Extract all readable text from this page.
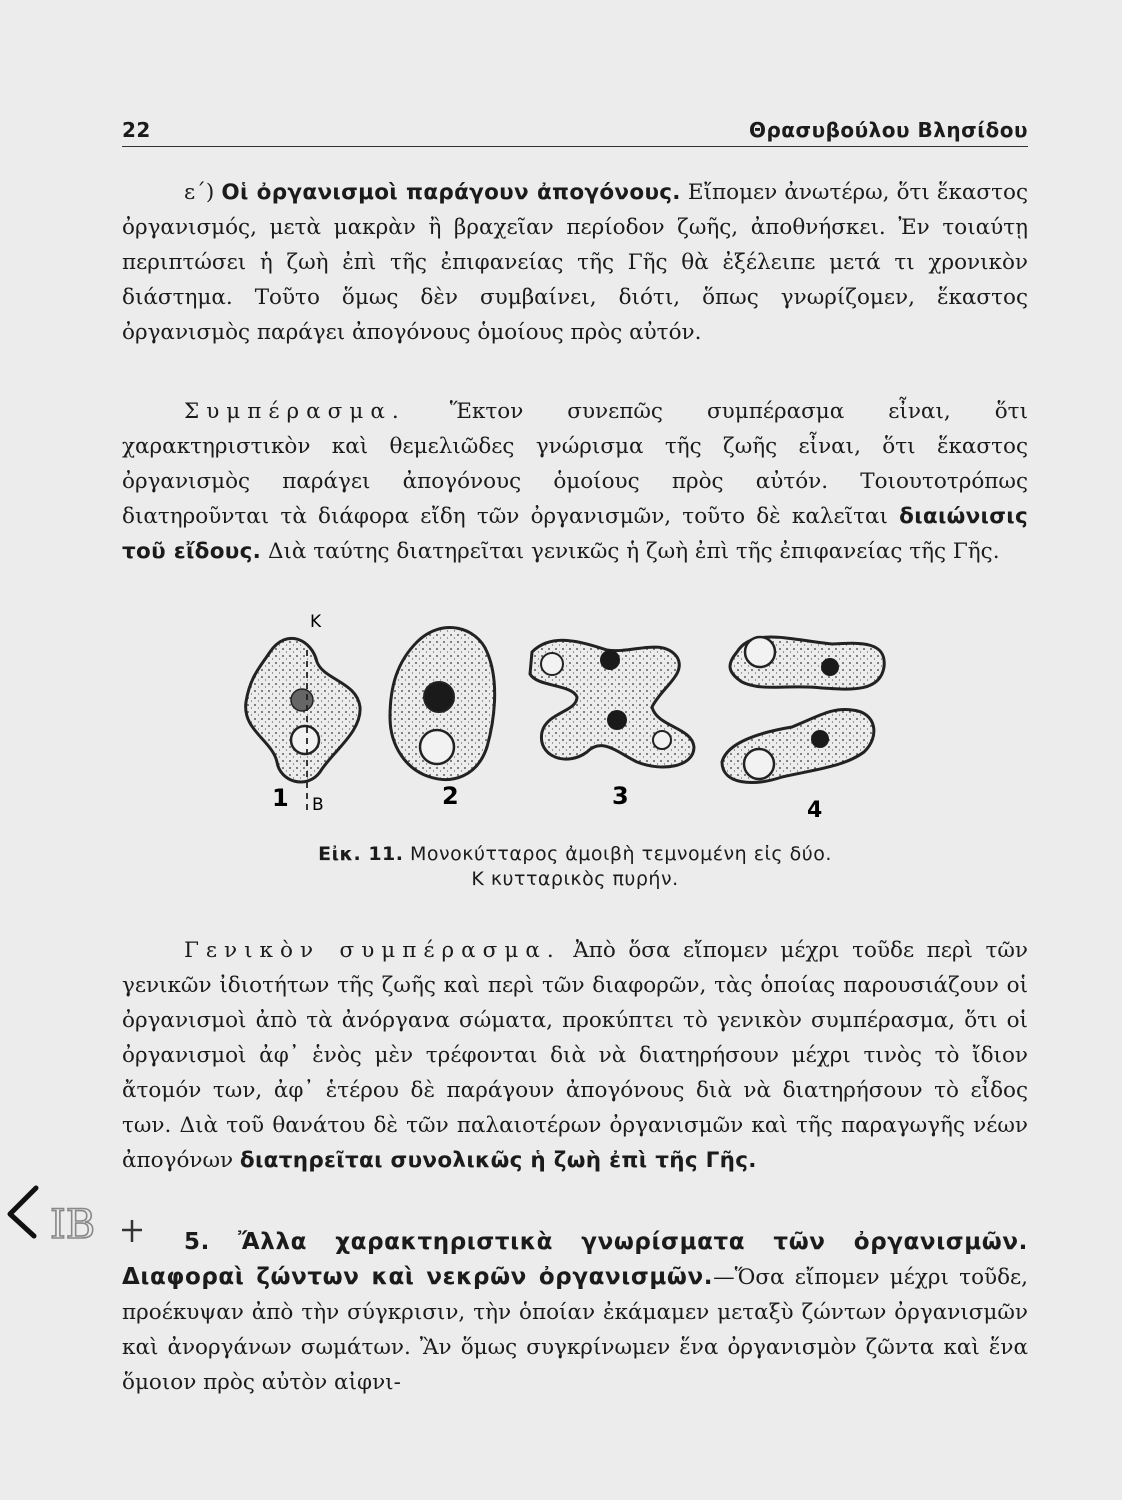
22	Θρασυβούλου Βλησίδου

ε΄) Οἱ ὀργανισμοὶ παράγουν ἀπογόνους. Εἴπομεν ἀνωτέρω, ὅτι ἕκαστος ὀργανισμός, μετὰ μακρὰν ἢ βραχεῖαν περίοδον ζωῆς, ἀποθνήσκει. Ἐν τοιαύτῃ περιπτώσει ἡ ζωὴ ἐπὶ τῆς ἐπιφανείας τῆς Γῆς θὰ ἐξέλειπε μετά τι χρονικὸν διάστημα. Τοῦτο ὅμως δὲν συμβαίνει, διότι, ὅπως γνωρίζομεν, ἕκαστος ὀργανισμὸς παράγει ἀπογόνους ὁμοίους πρὸς αὐτόν.

Συμπέρασμα. Ἕκτον συνεπῶς συμπέρασμα εἶναι, ὅτι χαρακτηριστικὸν καὶ θεμελιῶδες γνώρισμα τῆς ζωῆς εἶναι, ὅτι ἕκαστος ὀργανισμὸς παράγει ἀπογόνους ὁμοίους πρὸς αὐτόν. Τοιουτοτρόπως διατηροῦνται τὰ διάφορα εἴδη τῶν ὀργανισμῶν, τοῦτο δὲ καλεῖται διαιώνισις τοῦ εἴδους. Διὰ ταύτης διατηρεῖται γενικῶς ἡ ζωὴ ἐπὶ τῆς ἐπιφανείας τῆς Γῆς.

Κ
1 Β	2	3
4
Εἰκ. 11. Μονοκύτταρος ἀμοιβὴ τεμνομένη εἰς δύο.
Κ κυτταρικὸς πυρήν.

Γενικὸν συμπέρασμα. Ἀπὸ ὅσα εἴπομεν μέχρι τοῦδε περὶ τῶν γενικῶν ἰδιοτήτων τῆς ζωῆς καὶ περὶ τῶν διαφορῶν, τὰς ὁποίας παρουσιάζουν οἱ ὀργανισμοὶ ἀπὸ τὰ ἀνόργανα σώματα, προκύπτει τὸ γενικὸν συμπέρασμα, ὅτι οἱ ὀργανισμοὶ ἀφ᾽ ἑνὸς μὲν τρέφονται διὰ νὰ διατηρήσουν μέχρι τινὸς τὸ ἴδιον ἄτομόν των, ἀφ᾽ ἑτέρου δὲ παράγουν ἀπογόνους διὰ νὰ διατηρήσουν τὸ εἶδος των. Διὰ τοῦ θανάτου δὲ τῶν παλαιοτέρων ὀργανισμῶν καὶ τῆς παραγωγῆς νέων ἀπογόνων διατηρεῖται συνολικῶς ἡ ζωὴ ἐπὶ τῆς Γῆς.

5. Ἄλλα χαρακτηριστικὰ γνωρίσματα τῶν ὀργανισμῶν. Διαφοραὶ ζώντων καὶ νεκρῶν ὀργανισμῶν.—Ὅσα εἴπομεν μέχρι τοῦδε, προέκυψαν ἀπὸ τὴν σύγκρισιν, τὴν ὁποίαν ἐκάμαμεν μεταξὺ ζώντων ὀργανισμῶν καὶ ἀνοργάνων σωμάτων. Ἂν ὅμως συγκρίνωμεν ἕνα ὀργανισμὸν ζῶντα καὶ ἕνα ὅμοιον πρὸς αὐτὸν αἰφνι-

ΙΒ
